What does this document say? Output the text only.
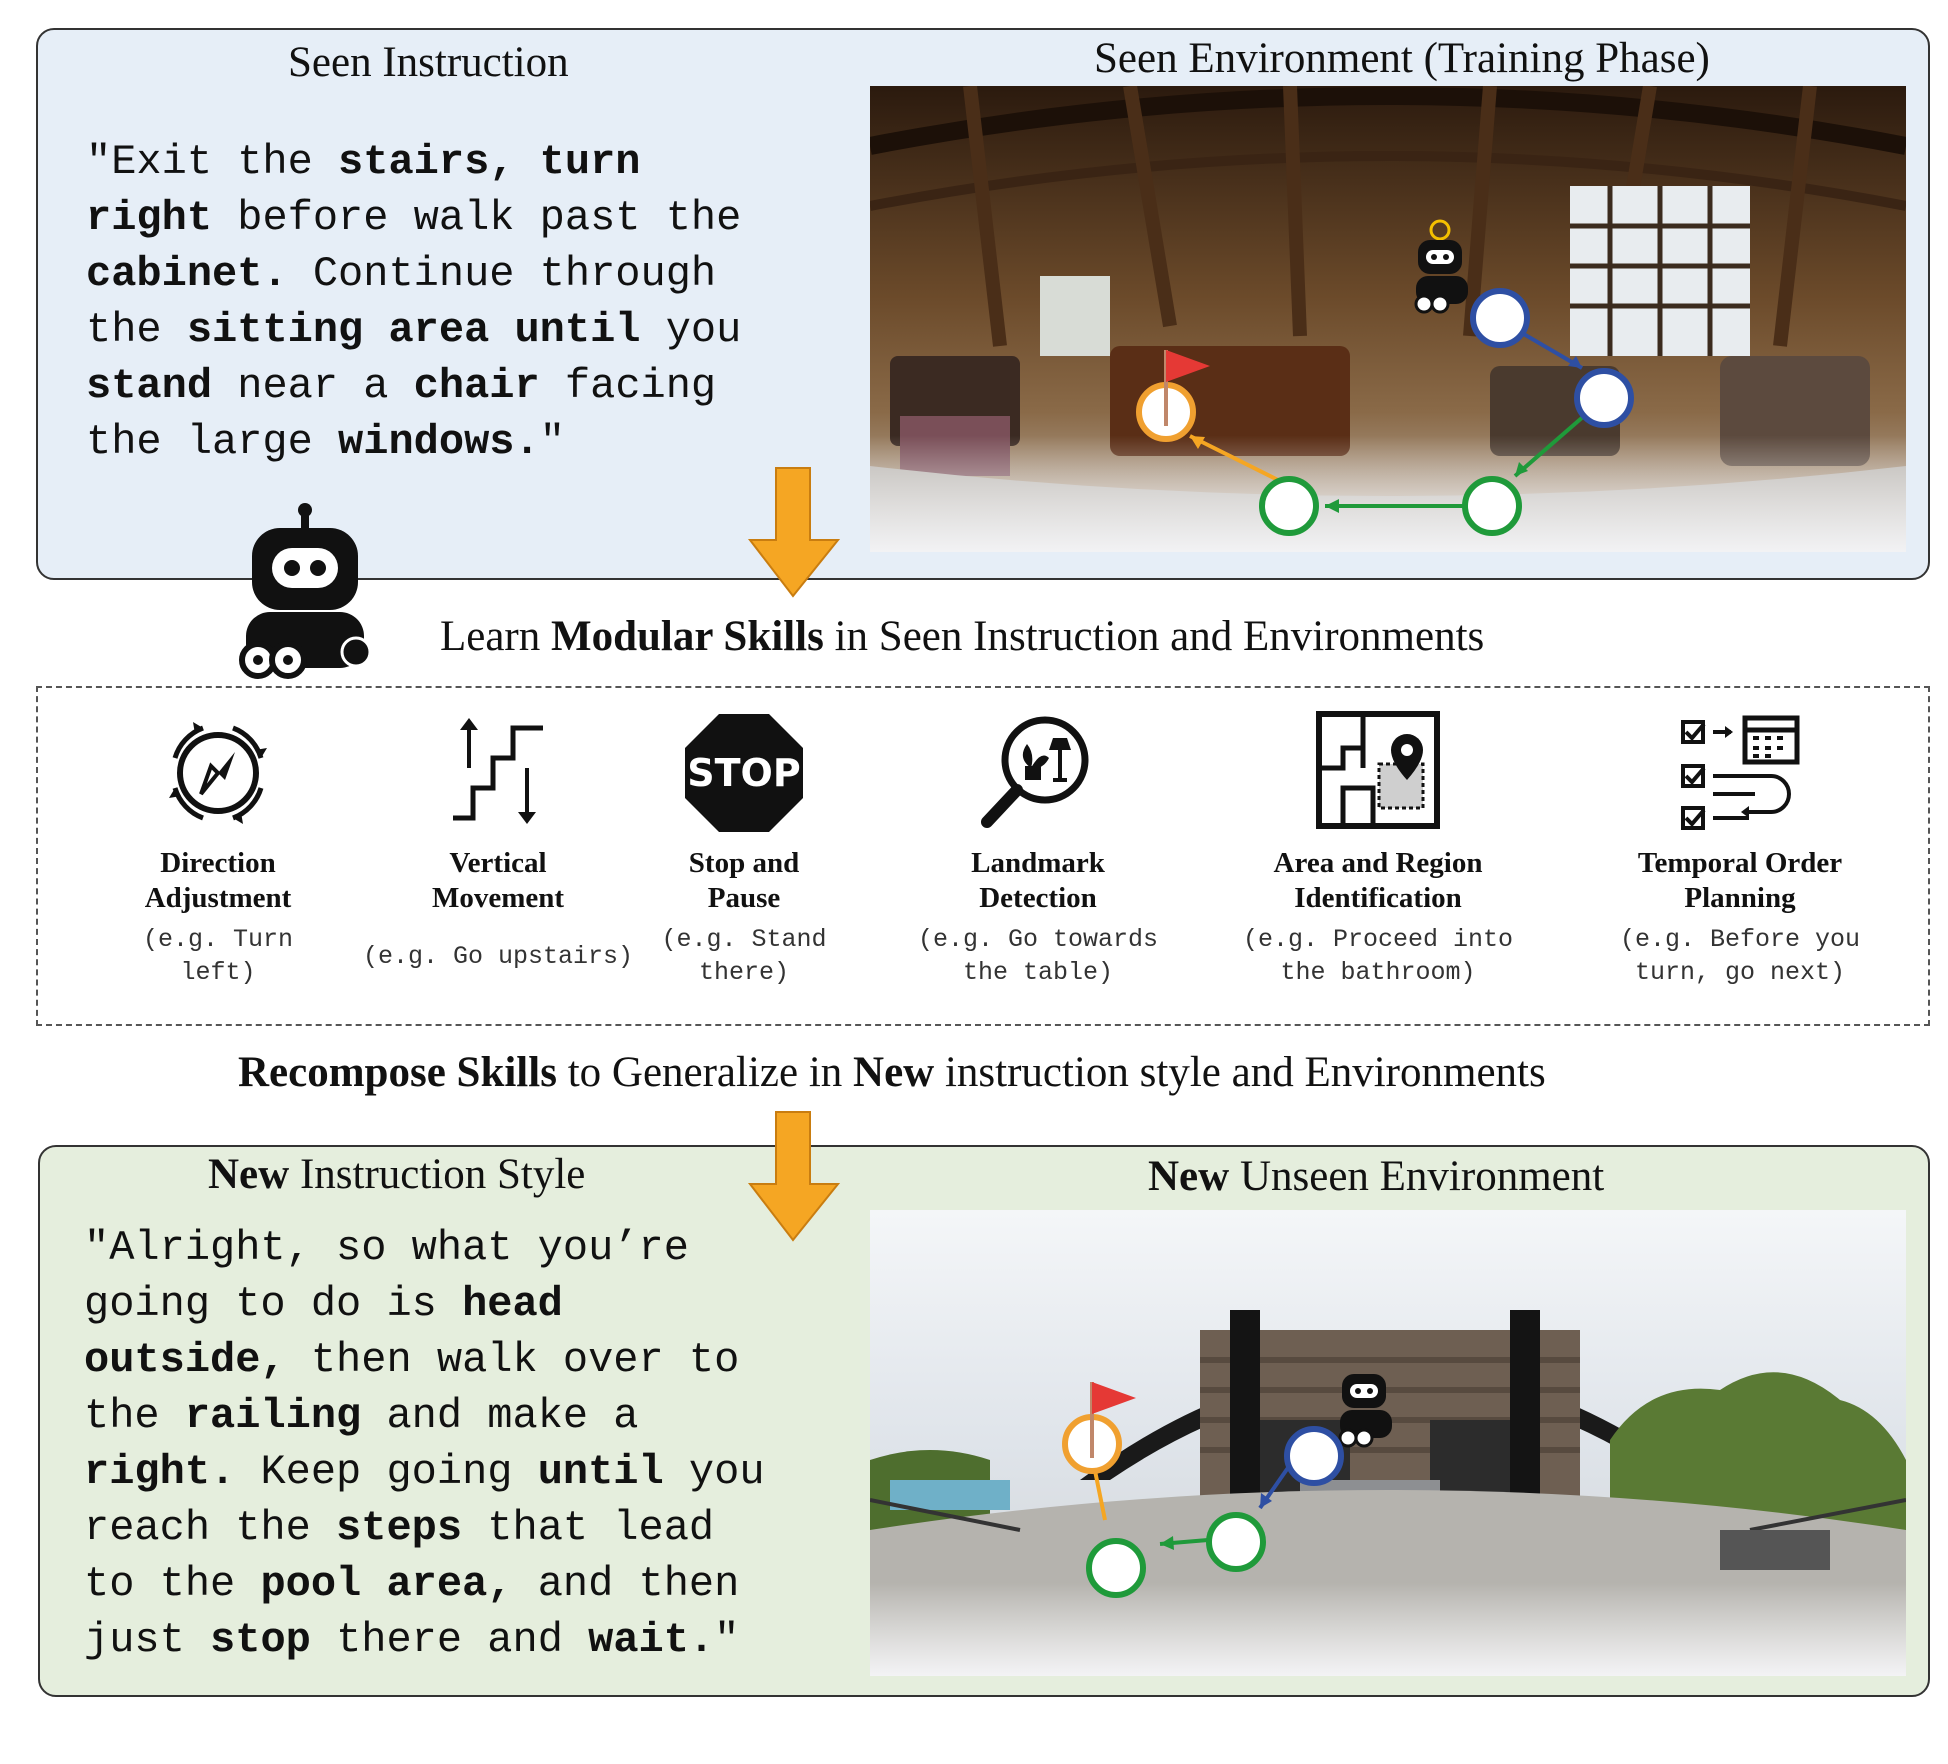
Seen Instruction	Seen Environment (Training Phase)
"Exit the stairs, turn
right before walk past the
cabinet. Continue through
the sitting area until you
stand near a chair facing
the large windows."
Learn Modular Skills in Seen Instruction and Environments
Direction
Adjustment
(e.g. Turn
left)
Vertical
Movement
(e.g. Go upstairs)
STOP
Stop and
Pause
(e.g. Stand
there)
Landmark
Detection
(e.g. Go towards
the table)
Area and Region
Identification
(e.g. Proceed into
the bathroom)
Temporal Order
Planning
(e.g. Before you
turn, go next)
Recompose Skills to Generalize in New instruction style and Environments
New Instruction Style	New Unseen Environment
"Alright, so what you’re
going to do is head
outside, then walk over to
the railing and make a
right. Keep going until you
reach the steps that lead
to the pool area, and then
just stop there and wait."
